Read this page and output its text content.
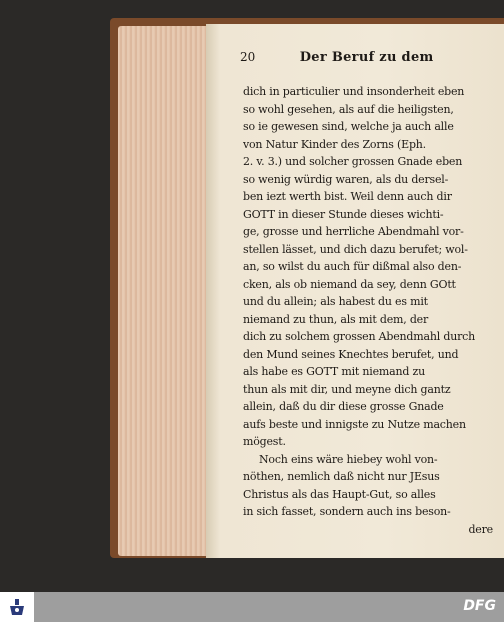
20	Der Beruf zu dem
dich in particulier und insonderheit eben
so wohl gesehen, als auf die heiligsten,
so ie gewesen sind, welche ja auch alle
von Natur Kinder des Zorns (Eph.
2. v. 3.) und solcher grossen Gnade eben
so wenig würdig waren, als du dersel-
ben iezt werth bist. Weil denn auch dir
GOTT in dieser Stunde dieses wichti-
ge, grosse und herrliche Abendmahl vor-
stellen lässet, und dich dazu berufet; wol-
an, so wilst du auch für dißmal also den-
cken, als ob niemand da sey, denn GOtt
und du allein; als habest du es mit
niemand zu thun, als mit dem, der
dich zu solchem grossen Abendmahl durch
den Mund seines Knechtes berufet, und
als habe es GOTT mit niemand zu
thun als mit dir, und meyne dich gantz
allein, daß du dir diese grosse Gnade
aufs beste und innigste zu Nutze machen
mögest.
Noch eins wäre hiebey wohl von-
nöthen, nemlich daß nicht nur JEsus
Christus als das Haupt-Gut, so alles
in sich fasset, sondern auch ins beson-
dere
DFG
